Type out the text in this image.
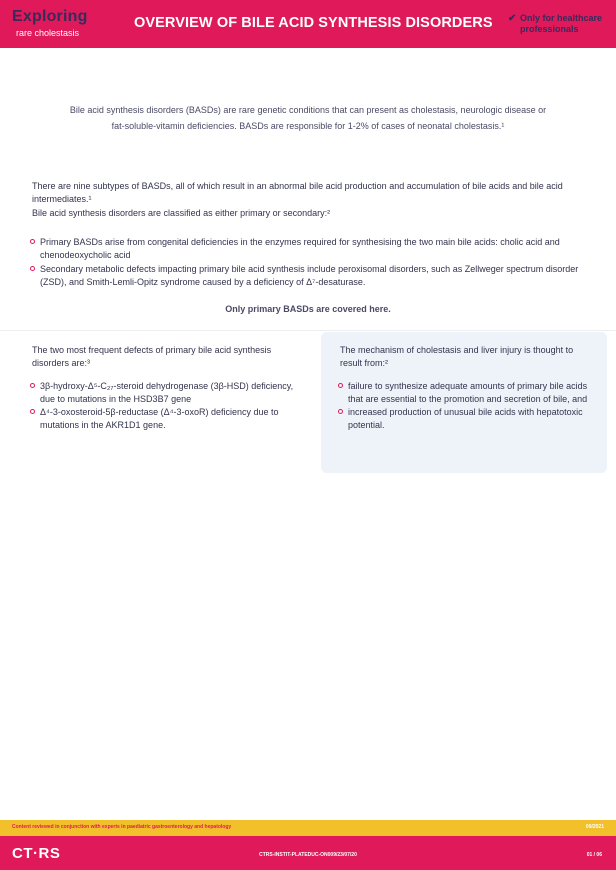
Exploring
rare cholestasis
OVERVIEW OF BILE ACID SYNTHESIS DISORDERS ✔ Only for healthcare professionals
Bile acid synthesis disorders (BASDs) are rare genetic conditions that can present as cholestasis, neurologic disease or
fat-soluble-vitamin deficiencies. BASDs are responsible for 1-2% of cases of neonatal cholestasis.¹
There are nine subtypes of BASDs, all of which result in an abnormal bile acid production and accumulation of bile acids and bile acid intermediates.¹
Bile acid synthesis disorders are classified as either primary or secondary:²
Primary BASDs arise from congenital deficiencies in the enzymes required for synthesising the two main bile acids: cholic acid and chenodeoxycholic acid
Secondary metabolic defects impacting primary bile acid synthesis include peroxisomal disorders, such as Zellweger spectrum disorder (ZSD), and Smith-Lemli-Opitz syndrome caused by a deficiency of Δ⁷-desaturase.
Only primary BASDs are covered here.
The two most frequent defects of primary bile acid synthesis disorders are:³
3β-hydroxy-Δ⁵-C₂₇-steroid dehydrogenase (3β-HSD) deficiency, due to mutations in the HSD3B7 gene
Δ⁴-3-oxosteroid-5β-reductase (Δ⁴-3-oxoR) deficiency due to mutations in the AKR1D1 gene.
The mechanism of cholestasis and liver injury is thought to result from:²
failure to synthesize adequate amounts of primary bile acids that are essential to the promotion and secretion of bile, and
increased production of unusual bile acids with hepatotoxic potential.
Content reviewed in conjunction with experts in paediatric gastroenterology and hepatology	09/2021
CT·RS	CTRS-INSTIT-PLATEDUC-ON009/23/07/20	01 / 06
